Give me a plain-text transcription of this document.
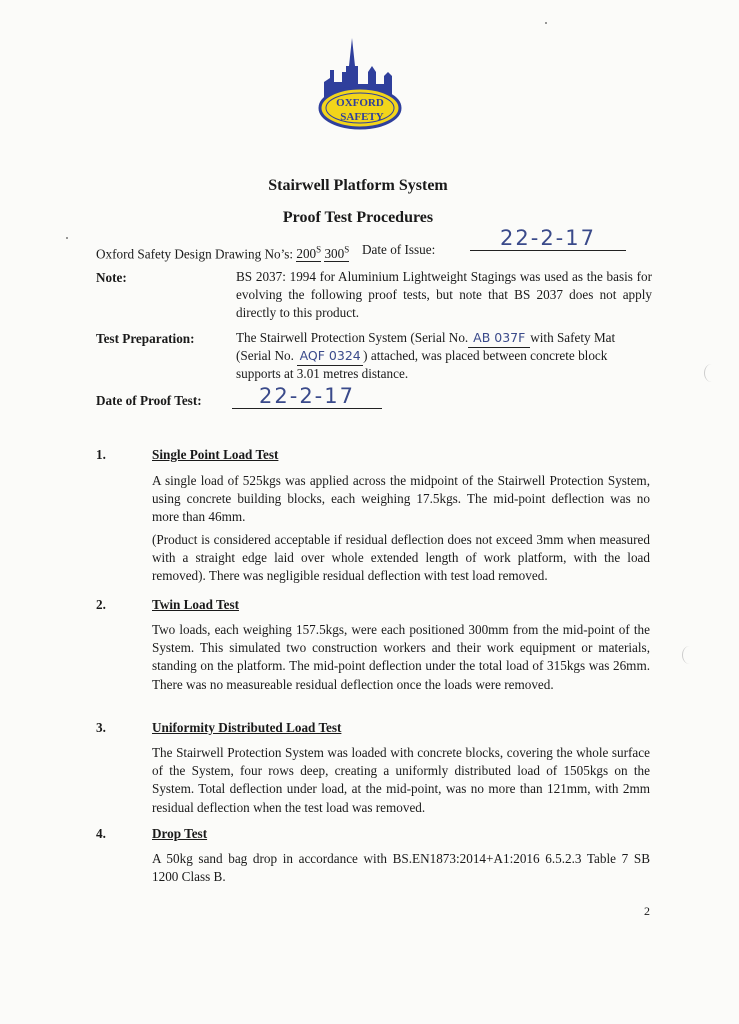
OXFORD
SAFETY
Stairwell Platform System
Proof Test Procedures
Oxford Safety Design Drawing No’s: $200^S$ $300^S$ Date of Issue:	22-2-17
Note:	BS 2037: 1994 for Aluminium Lightweight Stagings was used as the basis for evolving the following proof tests, but note that BS 2037 does not apply directly to this product.
Test Preparation:	The Stairwell Protection System (Serial No. AB 037F with Safety Mat
(Serial No. AQF 0324 ) attached, was placed between concrete block
supports at 3.01 metres distance.
Date of Proof Test:	22-2-17
1.	Single Point Load Test
A single load of 525kgs was applied across the midpoint of the Stairwell Protection System, using concrete building blocks, each weighing 17.5kgs. The mid-point deflection was no more than 46mm.
(Product is considered acceptable if residual deflection does not exceed 3mm when measured with a straight edge laid over whole extended length of work platform, with the load removed). There was negligible residual deflection with test load removed.
2.	Twin Load Test
Two loads, each weighing 157.5kgs, were each positioned 300mm from the mid-point of the System. This simulated two construction workers and their work equipment or materials, standing on the platform. The mid-point deflection under the total load of 315kgs was 26mm. There was no measureable residual deflection once the loads were removed.
3.	Uniformity Distributed Load Test
The Stairwell Protection System was loaded with concrete blocks, covering the whole surface of the System, four rows deep, creating a uniformly distributed load of 1505kgs on the System. Total deflection under load, at the mid-point, was no more than 121mm, with 2mm residual deflection when the test load was removed.
4.	Drop Test
A 50kg sand bag drop in accordance with BS.EN1873:2014+A1:2016 6.5.2.3 Table 7 SB 1200 Class B.
2
